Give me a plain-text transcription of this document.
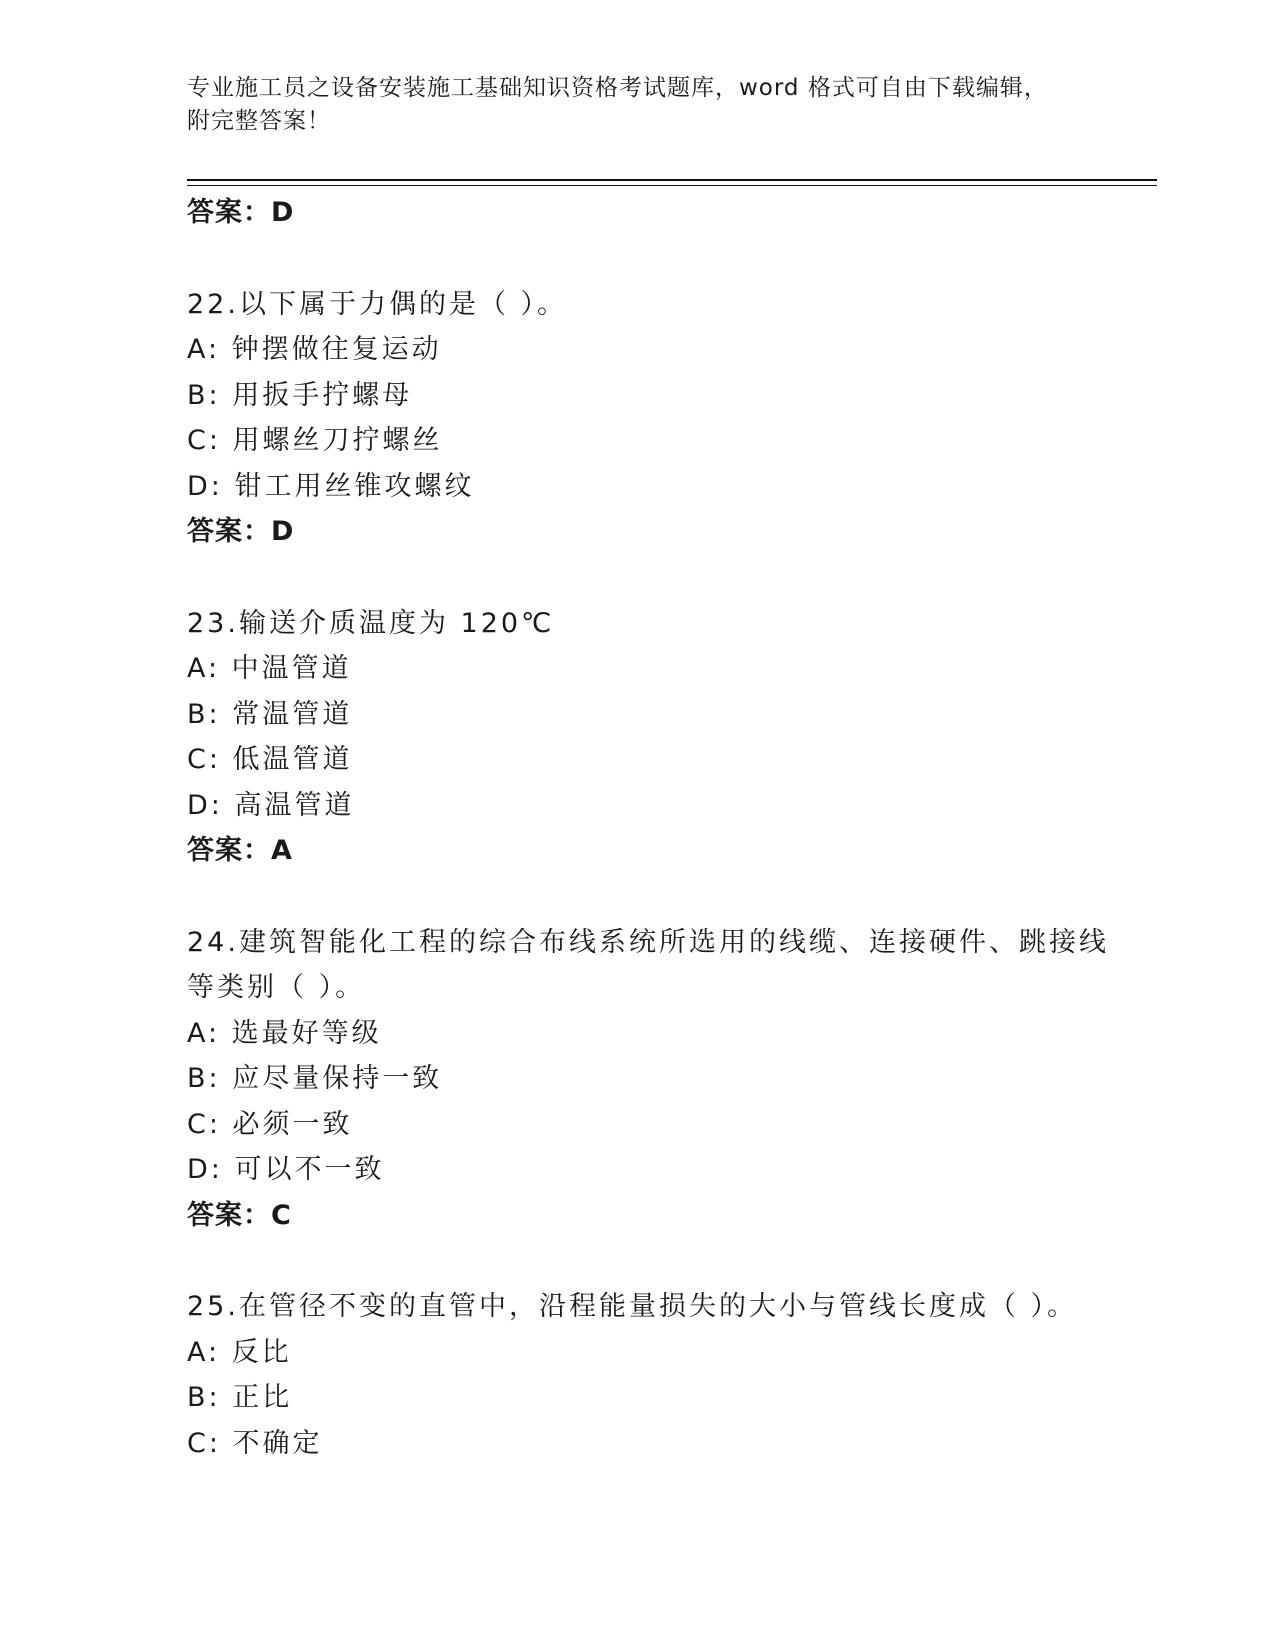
专业施工员之设备安装施工基础知识资格考试题库，word 格式可自由下载编辑，
附完整答案！
答案：D
22.以下属于力偶的是（ ）。
A: 钟摆做往复运动
B: 用扳手拧螺母
C: 用螺丝刀拧螺丝
D: 钳工用丝锥攻螺纹
答案：D
23.输送介质温度为 120℃
A: 中温管道
B: 常温管道
C: 低温管道
D: 高温管道
答案：A
24.建筑智能化工程的综合布线系统所选用的线缆、连接硬件、跳接线
等类别（ ）。
A: 选最好等级
B: 应尽量保持一致
C: 必须一致
D: 可以不一致
答案：C
25.在管径不变的直管中，沿程能量损失的大小与管线长度成（ ）。
A: 反比
B: 正比
C: 不确定
